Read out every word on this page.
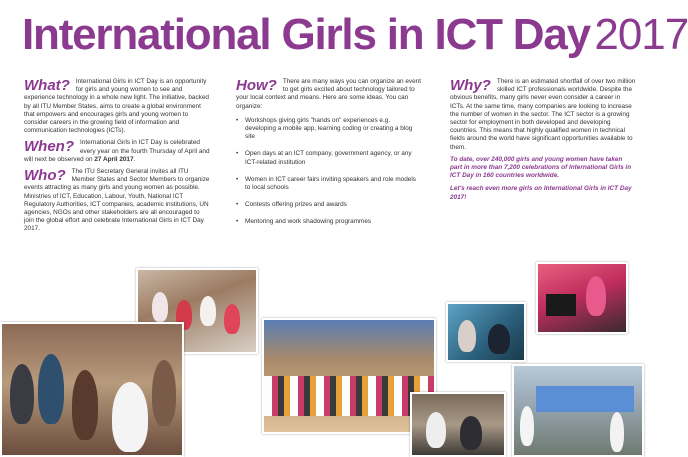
International Girls in ICT Day 2017
What? International Girls in ICT Day is an opportunity for girls and young women to see and experience technology in a whole new light. The initiative, backed by all ITU Member States, aims to create a global environment that empowers and encourages girls and young women to consider careers in the growing field of information and communication technologies (ICTs).
When? International Girls in ICT Day is celebrated every year on the fourth Thursday of April and will next be observed on 27 April 2017.
Who? The ITU Secretary General invites all ITU Member States and Sector Members to organize events attracting as many girls and young women as possible. Ministries of ICT, Education, Labour, Youth, National ICT Regulatory Authorities, ICT companies, academic institutions, UN agencies, NGOs and other stakeholders are all encouraged to join the global effort and celebrate International Girls in ICT Day 2017.
How? There are many ways you can organize an event to get girls excited about technology tailored to your local context and means. Here are some ideas. You can organize:
• Workshops giving girls "hands on" experiences e.g. developing a mobile app, learning coding or creating a blog site
• Open days at an ICT company, government agency, or any ICT-related institution
• Women in ICT career fairs inviting speakers and role models to local schools
• Contests offering prizes and awards
• Mentoring and work shadowing programmes
Why? There is an estimated shortfall of over two million skilled ICT professionals worldwide. Despite the obvious benefits, many girls never even consider a career in ICTs. At the same time, many companies are looking to increase the number of women in the sector. The ICT sector is a growing sector for employment in both developed and developing countries. This means that highly qualified women in technical fields around the world have significant opportunities available to them.

To date, over 240,000 girls and young women have taken part in more than 7,200 celebrations of International Girls in ICT Day in 160 countries worldwide.

Let's reach even more girls on International Girls in ICT Day 2017!
